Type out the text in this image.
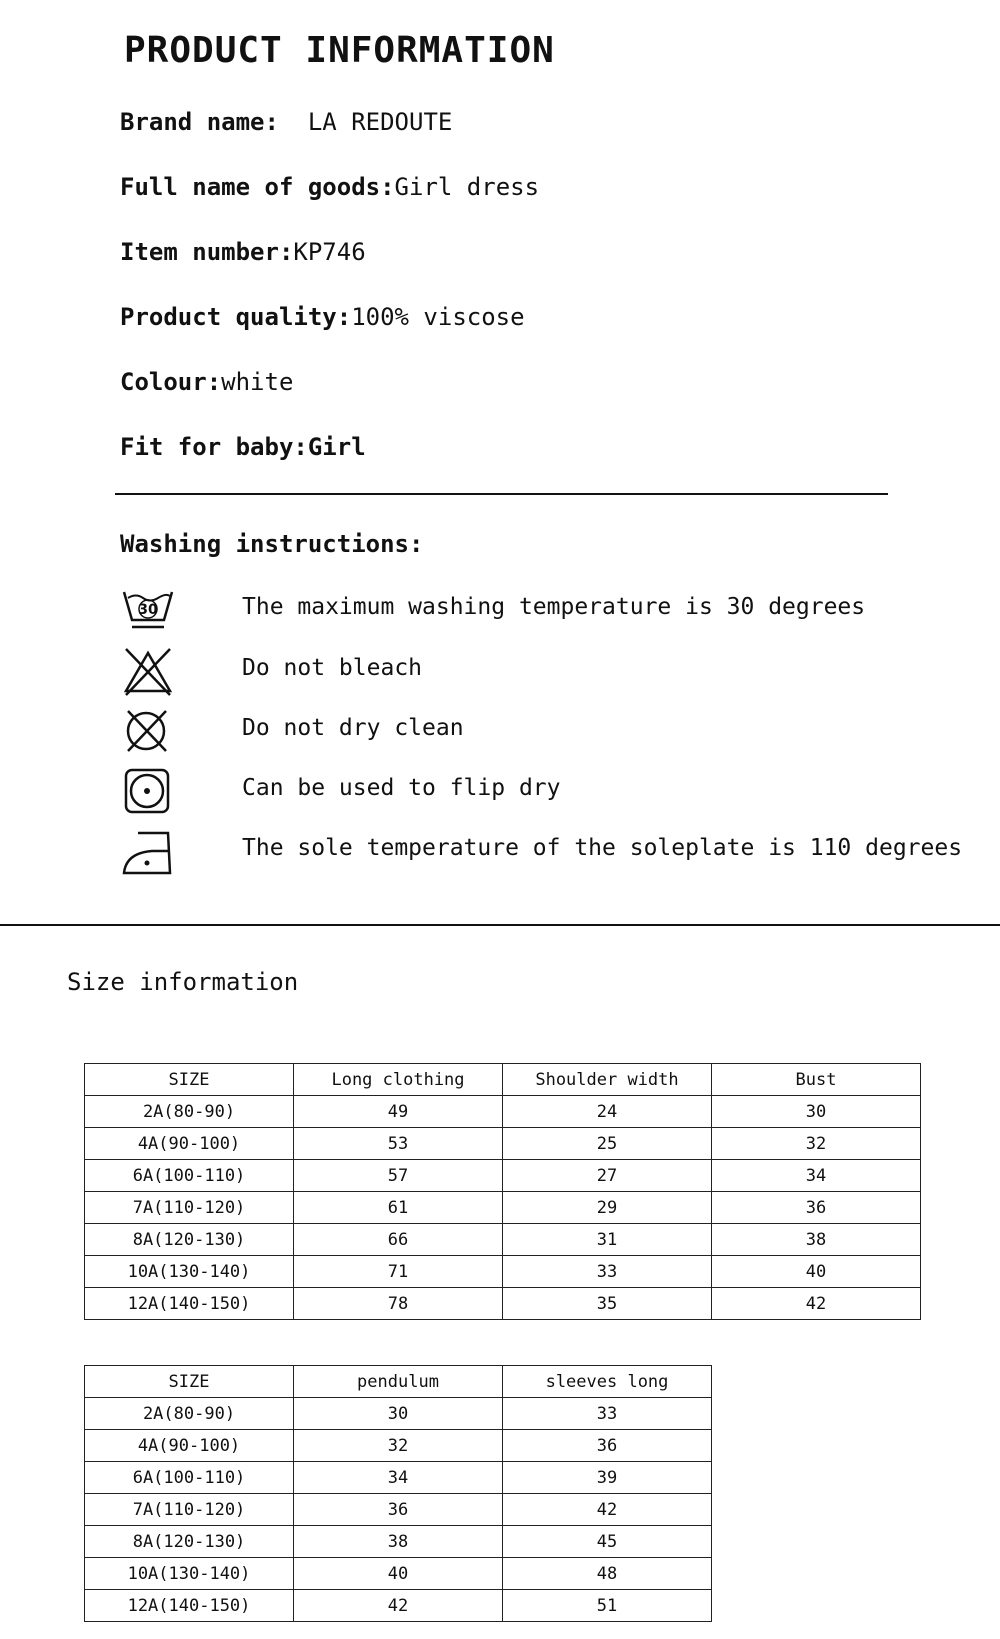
PRODUCT INFORMATION
Brand name:  LA REDOUTE
Full name of goods:Girl dress
Item number:KP746
Product quality:100% viscose
Colour:white
Fit for baby:Girl
Washing instructions:
30	The maximum washing temperature is 30 degrees
Do not bleach
Do not dry clean
Can be used to flip dry
The sole temperature of the soleplate is 110 degrees
Size information
SIZE	Long clothing	Shoulder width	Bust
2A(80-90)	49	24	30
4A(90-100)	53	25	32
6A(100-110)	57	27	34
7A(110-120)	61	29	36
8A(120-130)	66	31	38
10A(130-140)	71	33	40
12A(140-150)	78	35	42
SIZE	pendulum	sleeves long
2A(80-90)	30	33
4A(90-100)	32	36
6A(100-110)	34	39
7A(110-120)	36	42
8A(120-130)	38	45
10A(130-140)	40	48
12A(140-150)	42	51
